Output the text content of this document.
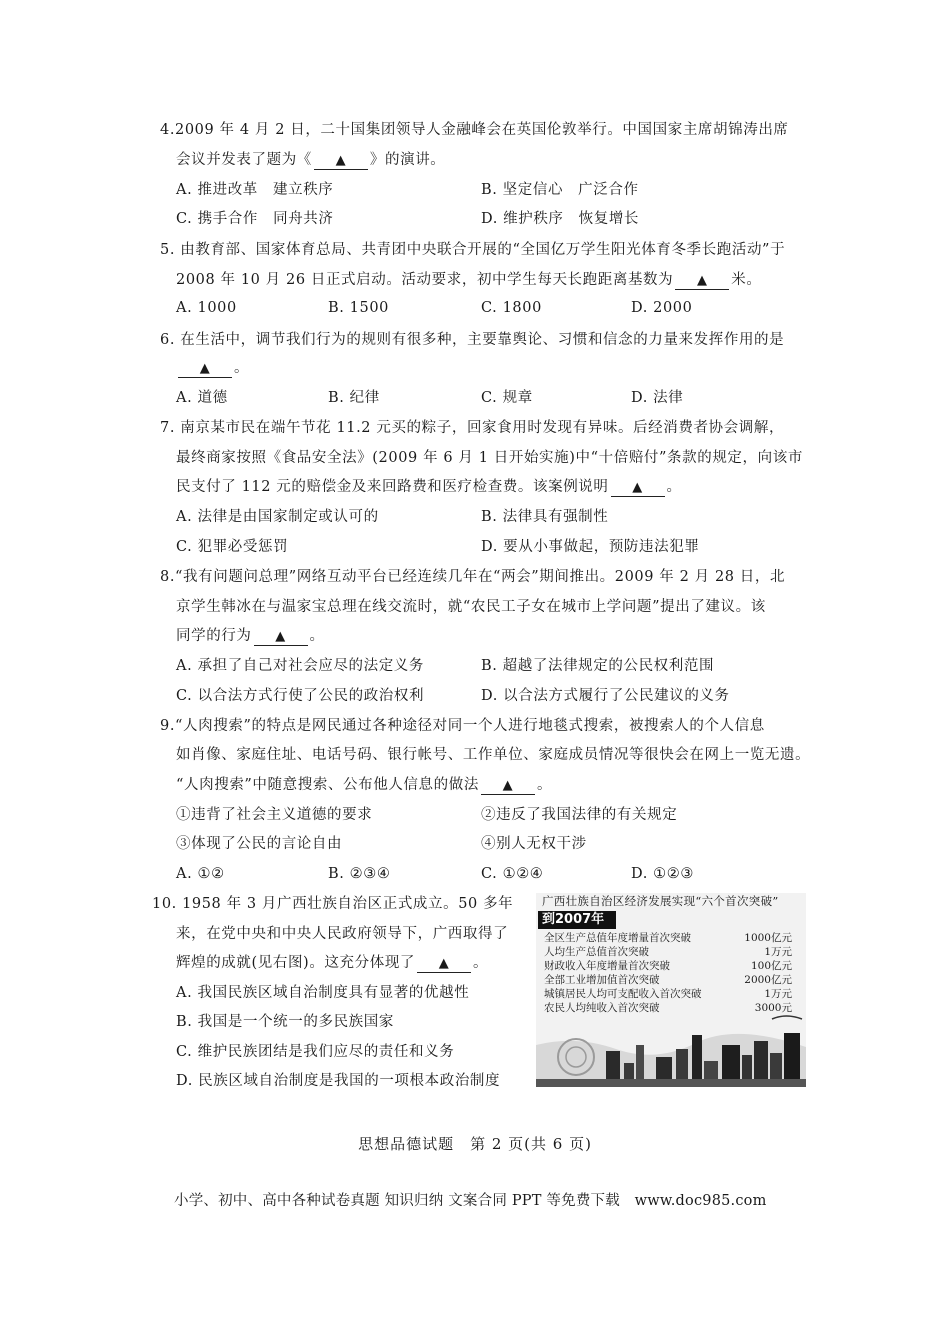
4.2009 年 4 月 2 日，二十国集团领导人金融峰会在英国伦敦举行。中国国家主席胡锦涛出席
会议并发表了题为《 ▲ 》的演讲。
A. 推进改革　建立秩序	B. 坚定信心　广泛合作
C. 携手合作　同舟共济	D. 维护秩序　恢复增长
5. 由教育部、国家体育总局、共青团中央联合开展的“全国亿万学生阳光体育冬季长跑活动”于
2008 年 10 月 26 日正式启动。活动要求，初中学生每天长跑距离基数为 ▲ 米。
A. 1000	B. 1500	C. 1800	D. 2000
6. 在生活中，调节我们行为的规则有很多种，主要靠舆论、习惯和信念的力量来发挥作用的是
▲ 。
A. 道德	B. 纪律	C. 规章	D. 法律
7. 南京某市民在端午节花 11.2 元买的粽子，回家食用时发现有异味。后经消费者协会调解，
最终商家按照《食品安全法》(2009 年 6 月 1 日开始实施)中“十倍赔付”条款的规定，向该市
民支付了 112 元的赔偿金及来回路费和医疗检查费。该案例说明 ▲ 。
A. 法律是由国家制定或认可的	B. 法律具有强制性
C. 犯罪必受惩罚	D. 要从小事做起，预防违法犯罪
8.“我有问题问总理”网络互动平台已经连续几年在“两会”期间推出。2009 年 2 月 28 日，北
京学生韩冰在与温家宝总理在线交流时，就“农民工子女在城市上学问题”提出了建议。该
同学的行为 ▲ 。
A. 承担了自己对社会应尽的法定义务	B. 超越了法律规定的公民权利范围
C. 以合法方式行使了公民的政治权利	D. 以合法方式履行了公民建议的义务
9.“人肉搜索”的特点是网民通过各种途径对同一个人进行地毯式搜索，被搜索人的个人信息
如肖像、家庭住址、电话号码、银行帐号、工作单位、家庭成员情况等很快会在网上一览无遗。
“人肉搜索”中随意搜索、公布他人信息的做法 ▲ 。
①违背了社会主义道德的要求	②违反了我国法律的有关规定
③体现了公民的言论自由	④别人无权干涉
A. ①②	B. ②③④	C. ①②④	D. ①②③
10. 1958 年 3 月广西壮族自治区正式成立。50 多年
来，在党中央和中央人民政府领导下，广西取得了
辉煌的成就(见右图)。这充分体现了 ▲ 。
A. 我国民族区域自治制度具有显著的优越性
B. 我国是一个统一的多民族国家
C. 维护民族团结是我们应尽的责任和义务
D. 民族区域自治制度是我国的一项根本政治制度
广西壮族自治区经济发展实现“六个首次突破”
到2007年
全区生产总值年度增量首次突破	1000亿元
人均生产总值首次突破	1万元
财政收入年度增量首次突破	100亿元
全部工业增加值首次突破	2000亿元
城镇居民人均可支配收入首次突破	1万元
农民人均纯收入首次突破	3000元
思想品德试题　第 2 页(共 6 页)
小学、初中、高中各种试卷真题 知识归纳 文案合同 PPT 等免费下载　www.doc985.com
